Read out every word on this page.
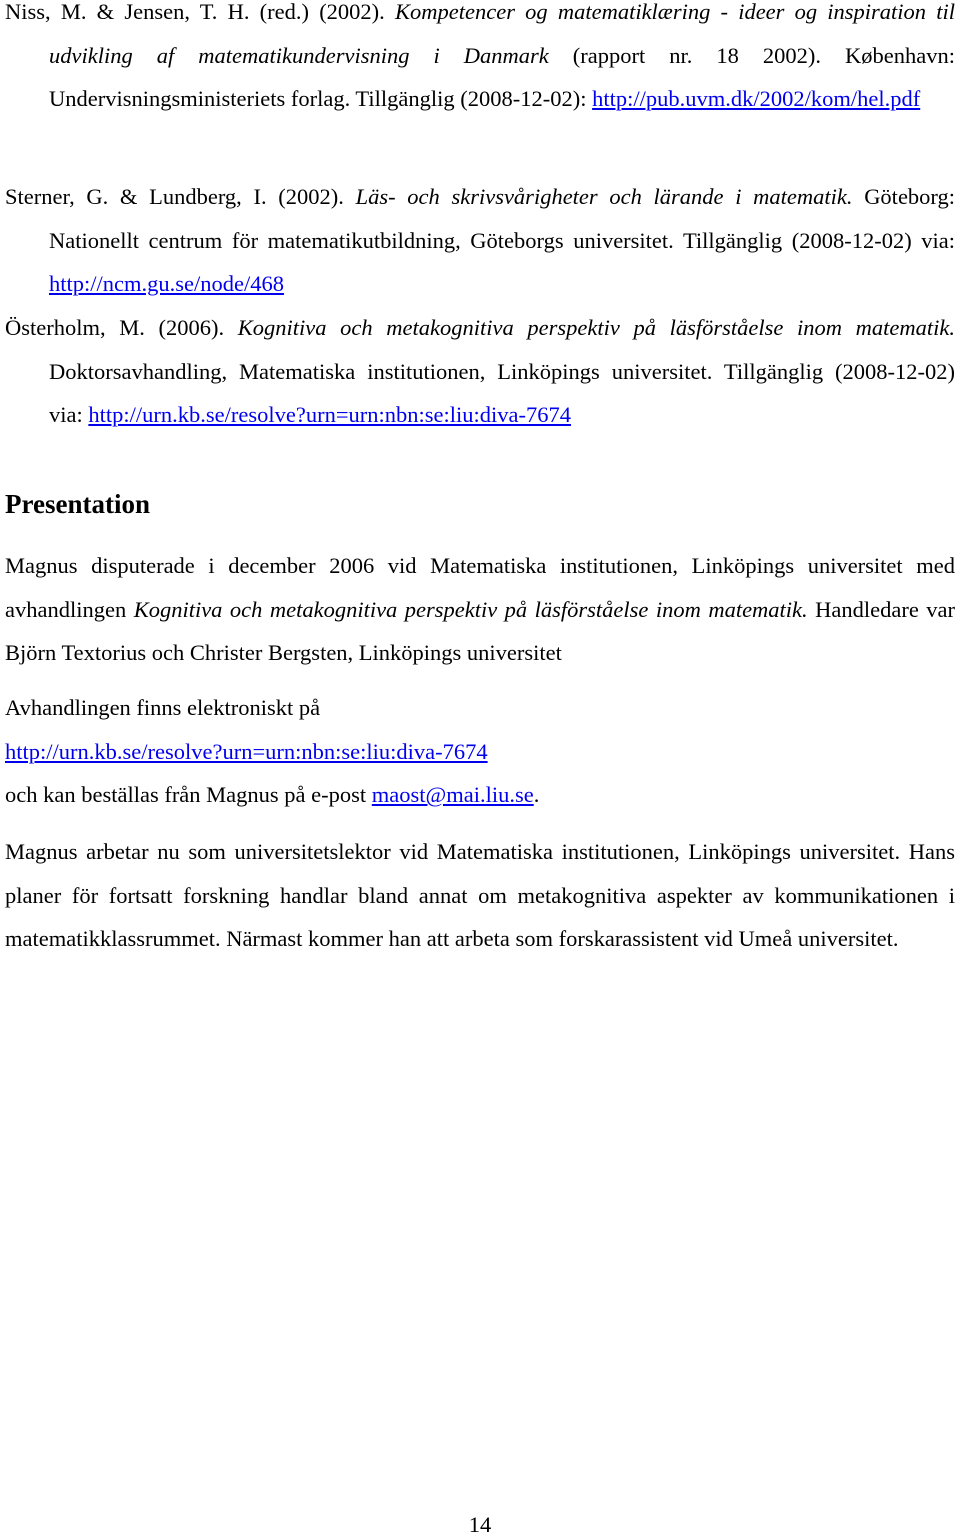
Niss, M. & Jensen, T. H. (red.) (2002). Kompetencer og matematiklæring - ideer og inspiration til udvikling af matematikundervisning i Danmark (rapport nr. 18 2002). København: Undervisningsministeriets forlag. Tillgänglig (2008-12-02): http://pub.uvm.dk/2002/kom/hel.pdf

Sterner, G. & Lundberg, I. (2002). Läs- och skrivsvårigheter och lärande i matematik. Göteborg: Nationellt centrum för matematikutbildning, Göteborgs universitet. Tillgänglig (2008-12-02) via: http://ncm.gu.se/node/468

Österholm, M. (2006). Kognitiva och metakognitiva perspektiv på läsförståelse inom matematik. Doktorsavhandling, Matematiska institutionen, Linköpings universitet. Tillgänglig (2008-12-02) via: http://urn.kb.se/resolve?urn=urn:nbn:se:liu:diva-7674

Presentation

Magnus disputerade i december 2006 vid Matematiska institutionen, Linköpings universitet med avhandlingen Kognitiva och metakognitiva perspektiv på läsförståelse inom matematik. Handledare var Björn Textorius och Christer Bergsten, Linköpings universitet

Avhandlingen finns elektroniskt på
http://urn.kb.se/resolve?urn=urn:nbn:se:liu:diva-7674
och kan beställas från Magnus på e-post maost@mai.liu.se.

Magnus arbetar nu som universitetslektor vid Matematiska institutionen, Linköpings universitet. Hans planer för fortsatt forskning handlar bland annat om metakognitiva aspekter av kommunikationen i matematikklassrummet. Närmast kommer han att arbeta som forskarassistent vid Umeå universitet.

14
